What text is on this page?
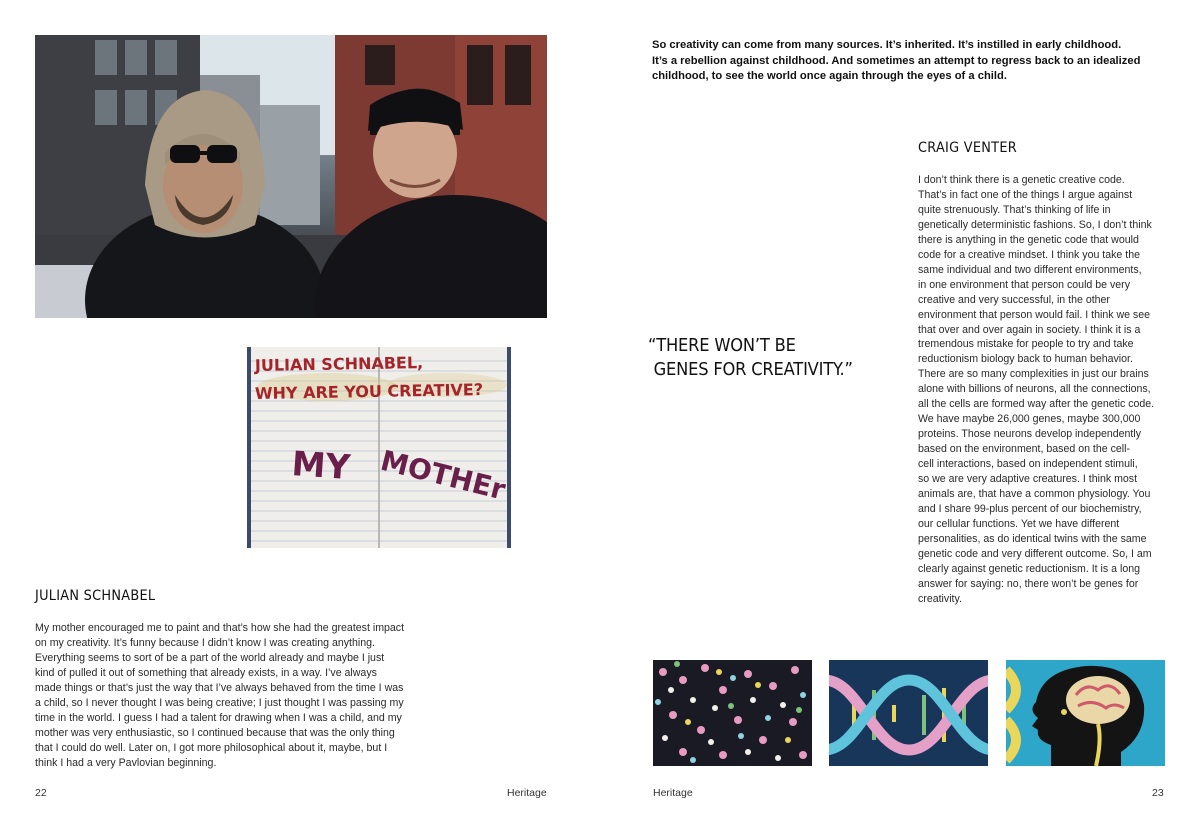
JULIAN SCHNABEL,
WHY ARE YOU CREATIVE?
MY MOTHEr
JULIAN SCHNABEL
My mother encouraged me to paint and that’s how she had the greatest impact
on my creativity. It’s funny because I didn’t know I was creating anything.
Everything seems to sort of be a part of the world already and maybe I just
kind of pulled it out of something that already exists, in a way. I’ve always
made things or that’s just the way that I’ve always behaved from the time I was
a child, so I never thought I was being creative; I just thought I was passing my
time in the world. I guess I had a talent for drawing when I was a child, and my
mother was very enthusiastic, so I continued because that was the only thing
that I could do well. Later on, I got more philosophical about it, maybe, but I
think I had a very Pavlovian beginning.
22	Heritage
So creativity can come from many sources. It’s inherited. It’s instilled in early childhood.
It’s a rebellion against childhood. And sometimes an attempt to regress back to an idealized
childhood, to see the world once again through the eyes of a child.
“THERE WON’T BE
GENES FOR CREATIVITY.”
CRAIG VENTER
I don’t think there is a genetic creative code.
That’s in fact one of the things I argue against
quite strenuously. That’s thinking of life in
genetically deterministic fashions. So, I don’t think
there is anything in the genetic code that would
code for a creative mindset. I think you take the
same individual and two different environments,
in one environment that person could be very
creative and very successful, in the other
environment that person would fail. I think we see
that over and over again in society. I think it is a
tremendous mistake for people to try and take
reductionism biology back to human behavior.
There are so many complexities in just our brains
alone with billions of neurons, all the connections,
all the cells are formed way after the genetic code.
We have maybe 26,000 genes, maybe 300,000
proteins. Those neurons develop independently
based on the environment, based on the cell-
cell interactions, based on independent stimuli,
so we are very adaptive creatures. I think most
animals are, that have a common physiology. You
and I share 99-plus percent of our biochemistry,
our cellular functions. Yet we have different
personalities, as do identical twins with the same
genetic code and very different outcome. So, I am
clearly against genetic reductionism. It is a long
answer for saying: no, there won’t be genes for
creativity.
Heritage	23
